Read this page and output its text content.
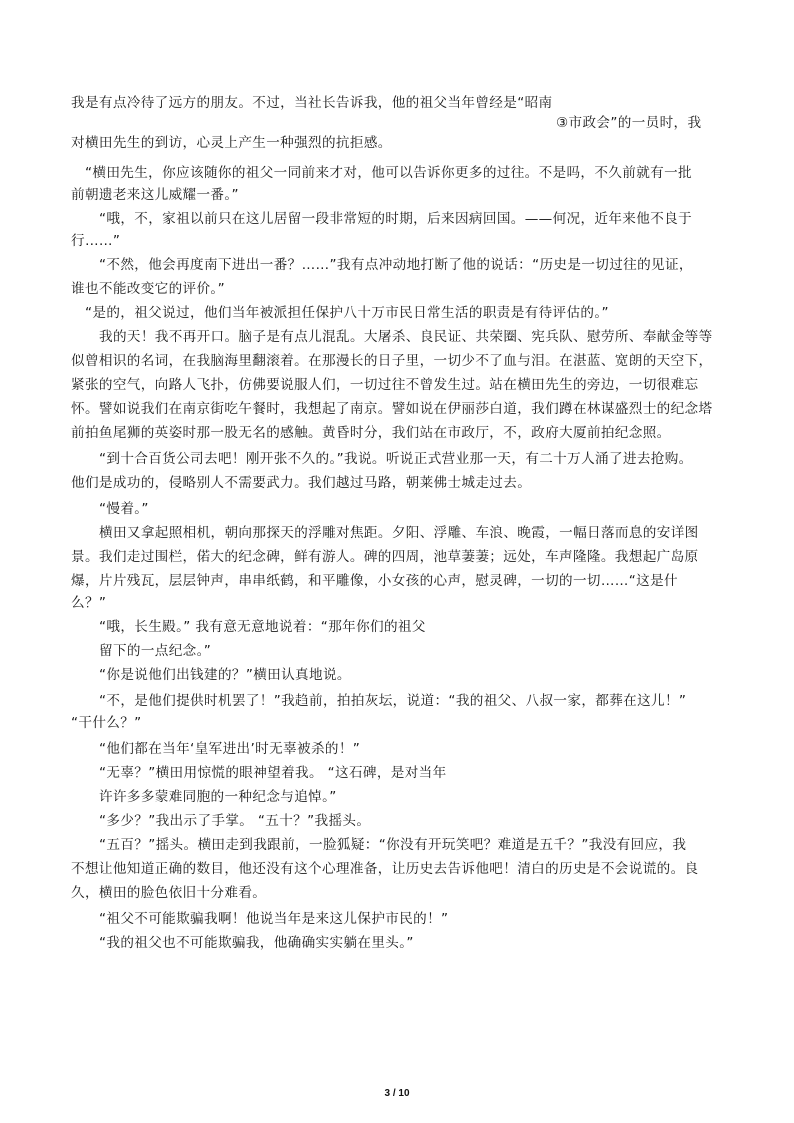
我是有点冷待了远方的朋友。不过，当社长告诉我，他的祖父当年曾经是“昭南
③市政会”的一员时，我
对横田先生的到访，心灵上产生一种强烈的抗拒感。
“横田先生，你应该随你的祖父一同前来才对，他可以告诉你更多的过往。不是吗，不久前就有一批
前朝遗老来这儿威耀一番。”
“哦，不，家祖以前只在这儿居留一段非常短的时期，后来因病回国。——何况，近年来他不良于
行……”
“不然，他会再度南下进出一番？……”我有点冲动地打断了他的说话：“历史是一切过往的见证，
谁也不能改变它的评价。”
“是的，祖父说过，他们当年被派担任保护八十万市民日常生活的职责是有待评估的。”
我的天！我不再开口。脑子是有点儿混乱。大屠杀、良民证、共荣圈、宪兵队、慰劳所、奉献金等等
似曾相识的名词，在我脑海里翻滚着。在那漫长的日子里，一切少不了血与泪。在湛蓝、宽朗的天空下，
紧张的空气，向路人飞扑，仿佛要说服人们，一切过往不曾发生过。站在横田先生的旁边，一切很难忘
怀。譬如说我们在南京街吃午餐时，我想起了南京。譬如说在伊丽莎白道，我们蹲在林谋盛烈士的纪念塔
前拍鱼尾狮的英姿时那一股无名的感触。黄昏时分，我们站在市政厅，不，政府大厦前拍纪念照。
“到十合百货公司去吧！刚开张不久的。”我说。听说正式营业那一天，有二十万人涌了进去抢购。
他们是成功的，侵略别人不需要武力。我们越过马路，朝莱佛士城走过去。
“慢着。”
横田又拿起照相机，朝向那探天的浮雕对焦距。夕阳、浮雕、车浪、晚霞，一幅日落而息的安详图
景。我们走过围栏，偌大的纪念碑，鲜有游人。碑的四周，池草萋萋；远处，车声隆隆。我想起广岛原
爆，片片残瓦，层层钟声，串串纸鹤，和平雕像，小女孩的心声，慰灵碑，一切的一切……“这是什
么？”
“哦，长生殿。” 我有意无意地说着：“那年你们的祖父
留下的一点纪念。”
“你是说他们出钱建的？”横田认真地说。
“不，是他们提供时机罢了！”我趋前，拍拍灰坛，说道：“我的祖父、八叔一家，都葬在这儿！”
“干什么？”
“他们都在当年‘皇军进出’时无辜被杀的！”
“无辜？”横田用惊慌的眼神望着我。 “这石碑，是对当年
许许多多蒙难同胞的一种纪念与追悼。”
“多少？”我出示了手掌。 “五十？”我摇头。
“五百？”摇头。横田走到我跟前，一脸狐疑：“你没有开玩笑吧？难道是五千？”我没有回应，我
不想让他知道正确的数目，他还没有这个心理准备，让历史去告诉他吧！清白的历史是不会说谎的。良
久，横田的脸色依旧十分难看。
“祖父不可能欺骗我啊！他说当年是来这儿保护市民的！”
“我的祖父也不可能欺骗我，他确确实实躺在里头。”
3 / 10
